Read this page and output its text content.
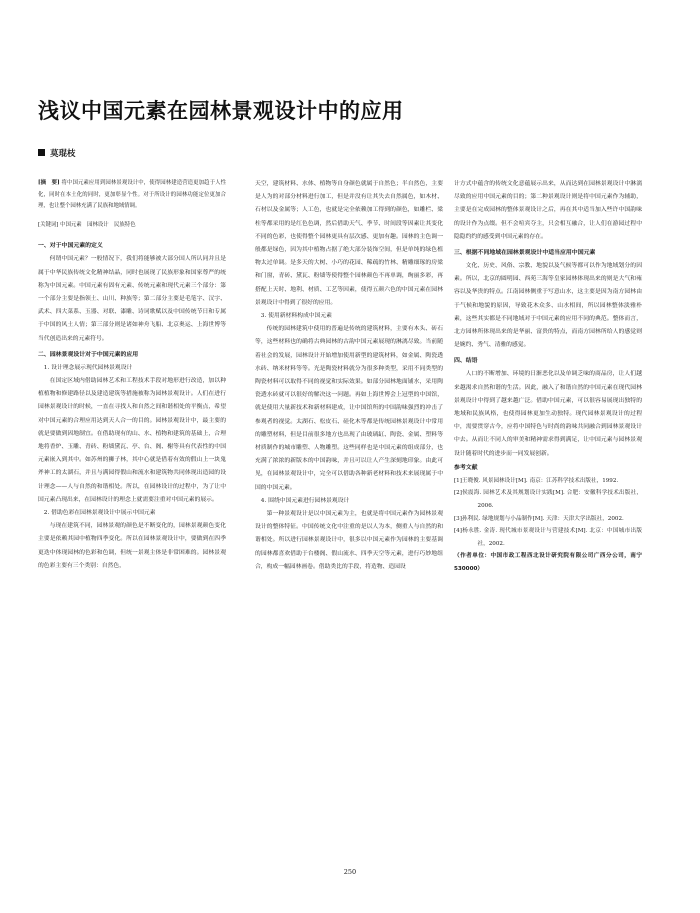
浅议中国元素在园林景观设计中的应用
莫琨枝
[摘　要] 将中国元素应用到园林景观设计中，使得园林建造营造更加趋于人性化，同时在本土化的同时，更加彰显个性。对于所设计的园林功能定位更加合理，也让整个园林充满了民族和地域情调。
[关键词] 中国元素　园林设计　民族特色
一、对于中国元素的定义

何谓中国元素？一般情况下，我们将能够被大部分国人所认同并且是属于中华民族传统文化精神结晶，同时也展现了民族形象和国家尊严的统称为中国元素。中国元素有固有元素、传统元素和现代元素三个部分：第一个部分主要是指领土、山川、种族等；第二部分主要是毛笔字、汉字、武术、四大菜系、玉器、对联、漆雕、诗词歌赋以及中国传统节日和专属于中国的风土人情；第三部分则是诸如神舟飞船、北京奥运、上海世博等当代创造出来的元素符号。

二、园林景观设计对于中国元素的应用
1. 设计理念展示现代园林景观设计

在国定区域内借助园林艺术和工程技术手段对地形进行改造，加以种植植物和修建路径以及建造建筑等措施被称为园林景观设计。人们在进行园林景观设计的时候，一直在寻找人和自然之间和谐相处的平衡点，希望对中国元素的合理应用达到天人合一的目的。园林景观设计中，最主要的就是要做到因地制宜。在借助现有的山、水、植物和建筑的基础上，合理地将香炉、玉雕、青砖、粉墙黛瓦、亭、台、阁、榭等具有代表性的中国元素嵌入到其中。如苏州的狮子林，其中心就是借着有效的假山上一块鬼斧神工的太湖石，并且与满园得假山和流水和建筑物共同体现出造园的设计理念——人与自然的和谐相处。所以，在园林设计的过程中，为了让中国元素凸现出来，在园林设计的理念上就需要注重对中国元素的展示。

2. 借助色彩在园林景观设计中展示中国元素

与现在建筑不同，园林景观的颜色是不断变化的，园林景观颜色变化主要是依赖其园中植物四季变化。所以在园林景观设计中，要做到在四季更迭中体现园林的色彩和色调，但统一景观主体是非常困难的。园林景观的色彩主要有三个类别：自然色，

天空，建筑材料、水体、植物等自身颜色就属于自然色；半自然色，主要是人为的对部分材料进行加工，但是并没有让其失去自然属色，如木材、石材以及金属等；人工色，也就是完全依赖加工得到的颜色，如雕栏、梁柱等都采用的是红色色调，然后借助天气、季节、时间段等因素让其变化不同的色彩，也使得整个园林更具有层次感、更加有趣。园林的主色调一般都是绿色，因为其中植物占据了绝大部分装饰空间，但是单纯的绿色植物太过单调。是多天的大树、小巧的花园、稀疏的竹林、精雕细琢的房梁和门窗，青砖、黛瓦、粉墙等使得整个园林颜色不再单调，绚丽多彩，再搭配上天时、地利、材质、工艺等因素，使得五颜六色的中国元素在园林景观设计中得到了很好的应用。

3. 使用新材料构成中国元素

传统的园林建筑中使用的普遍是传统的建筑材料，主要有木头、砖石等，这些材料也的确将古典园林的古韵中国元素展现的淋漓尽致。当前随着社会的发展，园林设计开始增加使用新型的建筑材料，如金属、陶瓷透水砖、纳米材料等等。光是陶瓷材料就分为很多种类型，采用不同类型的陶瓷材料可以取得不同的视觉和实际效果。如部分园林地面铺水，采用陶瓷透水砖就可以很好的解决这一问题。再如上海世博会上冠型的中国馆，就是使用大量新技术和新材料建成，让中国馆所的中国韵味强烈的冲击了参观者的视觉。太湖石、松皮石、硅化木等都是传统园林景观设计中常用的雕塑材料，但是目前很多地方也出现了由玻璃缸、陶瓷、金属、塑料等材质制作的城市雕塑、人物雕塑。这些同样也是中国元素的组成部分，也充满了浓浓的新版本的中国韵味，并且可以让人产生深刻地印象。由此可见，在园林景观设计中，完全可以借助各种新老材料和技术来展现属于中国的中国元素。

4. 围绕中国元素进行园林景观设计

第一种景观设计是以中国元素为主，也就是将中国元素作为园林景观设计的整体特征。中国传统文化中注重的是以人为本，侧重人与自然的和谐相处。所以进行园林景观设计中，很多以中国元素作为园林的主要基调的园林都喜欢借助于台楼阁、假山流水、四季天空等元素，进行巧妙地组合，构成一幅园林画卷。借助类比的手段，将造物、造园设

计方式中蕴含的传统文化意蕴展示出来，从而达到在园林景观设计中淋漓尽致的应用中国元素的目的；第二种景观设计则是将中国元素作为辅助，主要是在完成园林的整体景观设计之后，再在其中适当加入些许中国韵味的设计作为点缀。但不会喧宾夺主，只会相互融合，让人们在游园过程中隐隐约约的感受到中国元素的存在。

三、根据不同地域在园林景观设计中适当应用中国元素

文化、历史、风俗、宗教、地貌以及气候等都可以作为地域划分的因素。所以，北京的圆明园、西苑三海等皇家园林体现出来的则是大气和雍容以及华贵的特点。江南园林侧重于写意山水，这主要是因为南方园林由于气候和地貌的原因，导致花木众多、山水相间，所以园林整体淡雅朴素，这些其实都是不同地域对于中国元素的应用不同的典范。整体而言，北方园林所体现出来的是华丽、富贵的特点，而南方园林所给人的感觉则是婉约、秀气、清雅的感觉。

四、结语

人口的不断增加、环境的日渐恶化以及单调乏味的商品房，让人们越来越渴求自然和谐的生活。因此，融入了和谐自然的中国元素在现代园林景观设计中得到了越来越广泛。借助中国元素，可以很容易展现出独特的地域和民族风格，也使得园林更加生动独特。现代园林景观设计的过程中，需要贯穿古今，应将中国特色与时尚的韵味共同融合到园林景观设计中去。从而让不同人的审美和精神需求得到满足，让中国元素与园林景观设计随着时代的进步而一同发展创新。

参考文献
[1]王晓俊. 风景园林设计[M]. 南京：江苏科学技术出版社，1992.
[2]侯震海. 园林艺术及其规划设计实践[M]. 合肥：安徽科学技术出版社，2006.
[3]孙利民. 绿地规划与小品制作[M]. 天津：天津大学出版社，2002.
[4]杨永胜. 金涛. 现代城市景观设计与营建技术[M]. 北京：中国城市出版社，2002.
（作者单位：中国市政工程西北设计研究院有限公司广西分公司，南宁　530000）
250
